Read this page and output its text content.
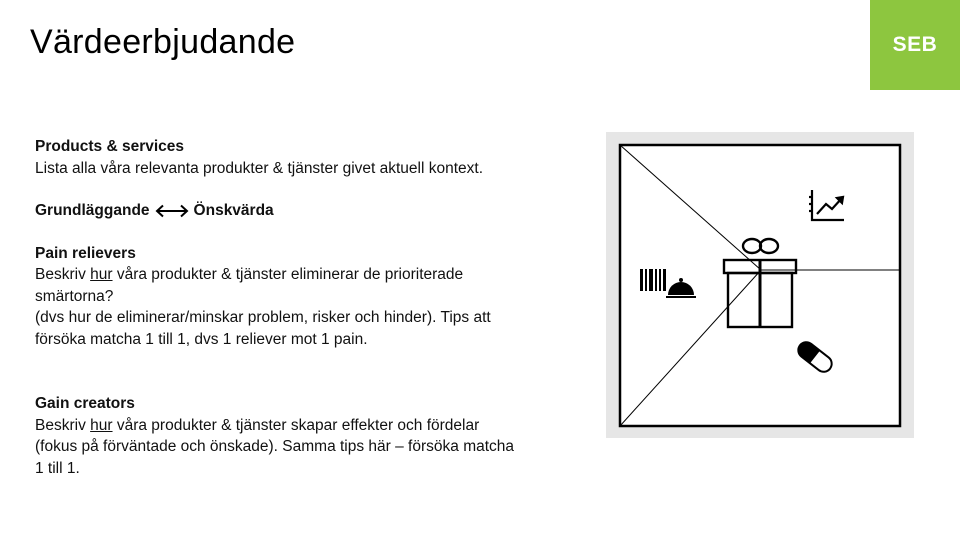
Värdeerbjudande	SEB
Products & services
Lista alla våra relevanta produkter & tjänster givet aktuell kontext.
Grundläggande	Önskvärda
Pain relievers
Beskriv hur våra produkter & tjänster eliminerar de prioriterade smärtorna?
(dvs hur de eliminerar/minskar problem, risker och hinder). Tips att försöka matcha 1 till 1, dvs 1 reliever mot 1 pain.
Gain creators
Beskriv hur våra produkter & tjänster skapar effekter och fördelar (fokus på förväntade och önskade). Samma tips här – försöka matcha 1 till 1.
